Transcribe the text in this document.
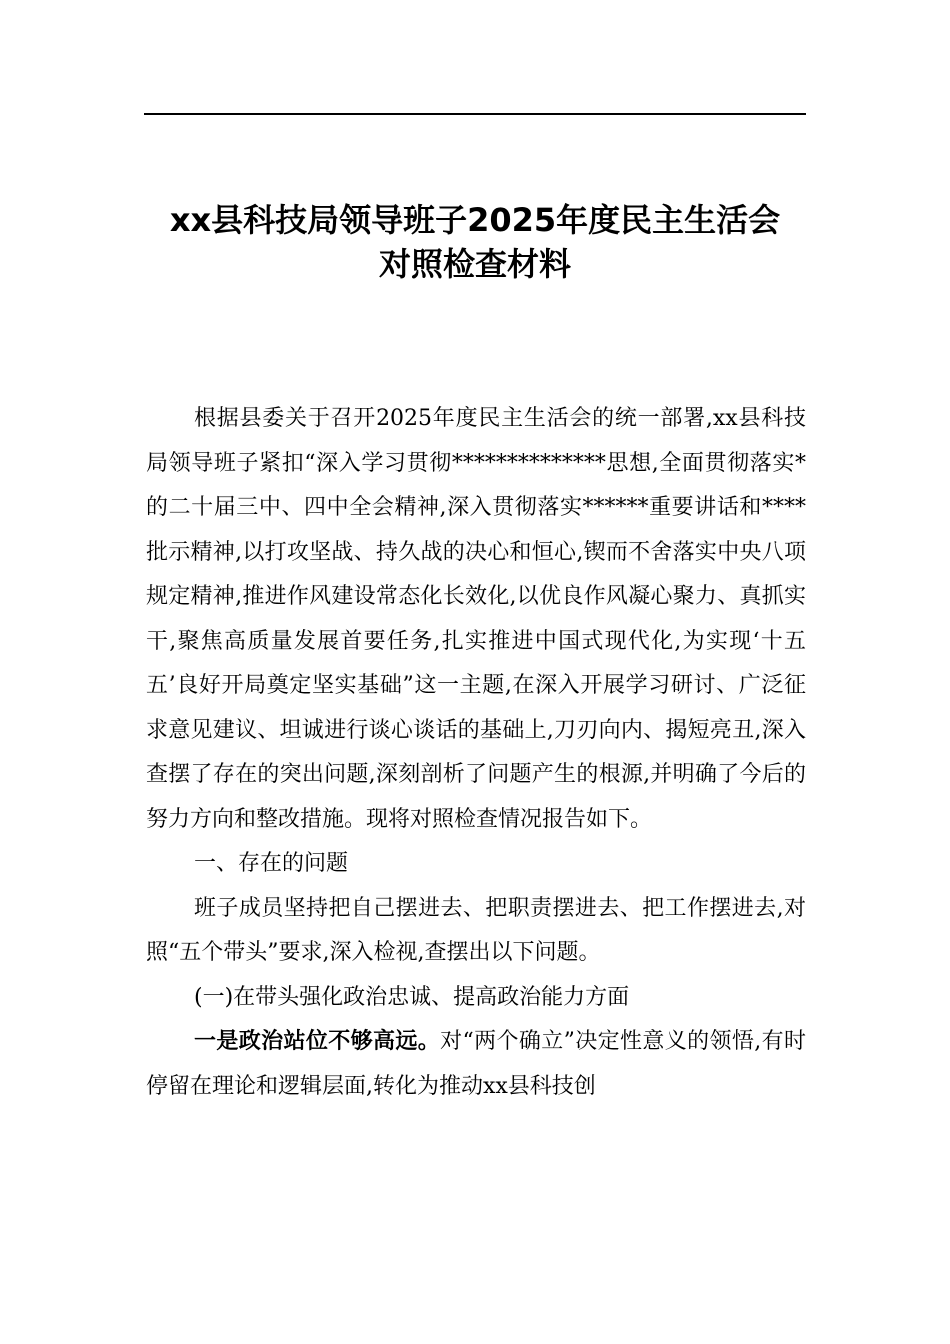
xx县科技局领导班子2025年度民主生活会
对照检查材料

根据县委关于召开2025年度民主生活会的统一部署,xx县科技局领导班子紧扣“深入学习贯彻**************思想,全面贯彻落实*的二十届三中、四中全会精神,深入贯彻落实******重要讲话和****批示精神,以打攻坚战、持久战的决心和恒心,锲而不舍落实中央八项规定精神,推进作风建设常态化长效化,以优良作风凝心聚力、真抓实干,聚焦高质量发展首要任务,扎实推进中国式现代化,为实现‘十五五’良好开局奠定坚实基础”这一主题,在深入开展学习研讨、广泛征求意见建议、坦诚进行谈心谈话的基础上,刀刃向内、揭短亮丑,深入查摆了存在的突出问题,深刻剖析了问题产生的根源,并明确了今后的努力方向和整改措施。现将对照检查情况报告如下。

一、存在的问题

班子成员坚持把自己摆进去、把职责摆进去、把工作摆进去,对照“五个带头”要求,深入检视,查摆出以下问题。

(一)在带头强化政治忠诚、提高政治能力方面

一是政治站位不够高远。对“两个确立”决定性意义的领悟,有时停留在理论和逻辑层面,转化为推动xx县科技创
